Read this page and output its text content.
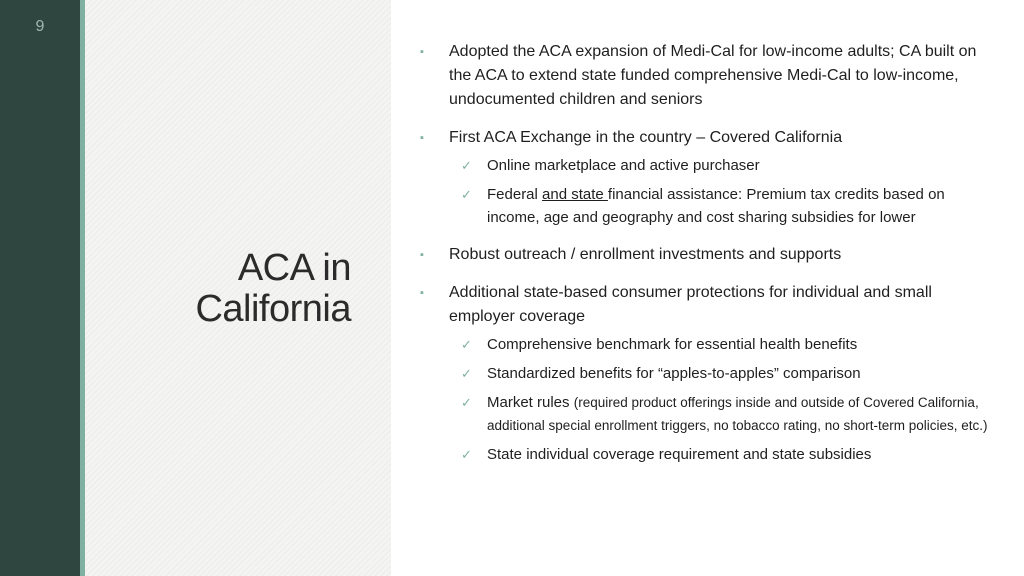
9
ACA in
California
▪ Adopted the ACA expansion of Medi-Cal for low-income adults; CA built on the ACA to extend state funded comprehensive Medi-Cal to low-income, undocumented children and seniors
▪ First ACA Exchange in the country – Covered California
✓ Online marketplace and active purchaser
✓ Federal and state financial assistance: Premium tax credits based on income, age and geography and cost sharing subsidies for lower
▪ Robust outreach / enrollment investments and supports
▪ Additional state-based consumer protections for individual and small employer coverage
✓ Comprehensive benchmark for essential health benefits
✓ Standardized benefits for “apples-to-apples” comparison
✓ Market rules (required product offerings inside and outside of Covered California, additional special enrollment triggers, no tobacco rating, no short-term policies, etc.)
✓ State individual coverage requirement and state subsidies
